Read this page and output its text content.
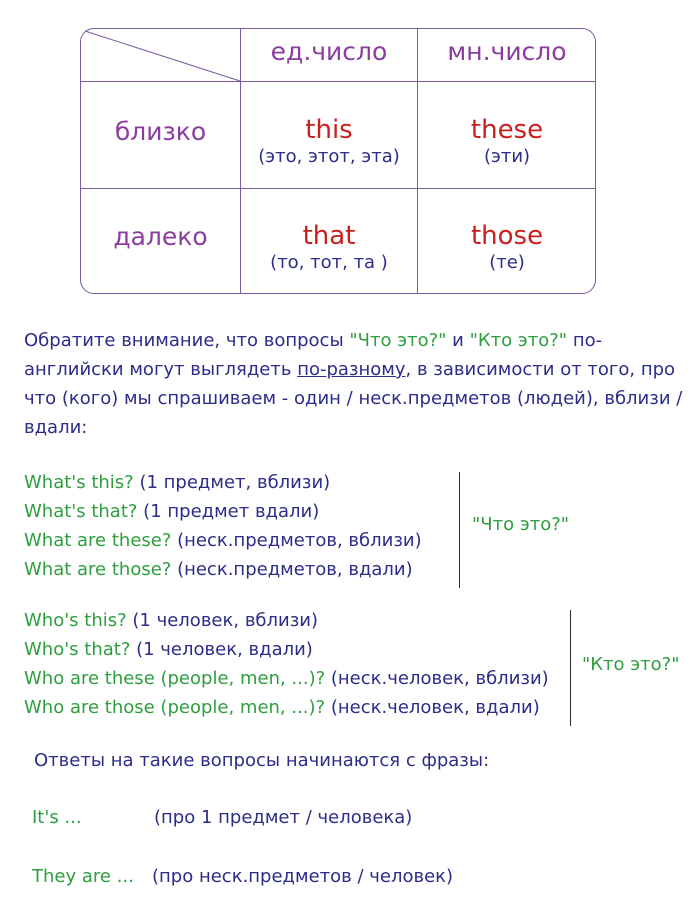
ед.число	мн.число
близко
далеко
this
(это, этот, эта)
these
(эти)
that
(то, тот, та )
those
(те)
Обратите внимание, что вопросы "Что это?" и "Кто это?" по-английски могут выглядеть по-разному, в зависимости от того, про что (кого) мы спрашиваем - один / неск.предметов (людей), вблизи / вдали:
What's this? (1 предмет, вблизи)
What's that? (1 предмет вдали)
What are these? (неск.предметов, вблизи)
What are those? (неск.предметов, вдали)
"Что это?"
Who's this? (1 человек, вблизи)
Who's that? (1 человек, вдали)
Who are these (people, men, ...)? (неск.человек, вблизи)
Who are those (people, men, ...)? (неск.человек, вдали)
"Кто это?"
Ответы на такие вопросы начинаются с фразы:
It's ...	(про 1 предмет / человека)
They are ... (про неск.предметов / человек)
